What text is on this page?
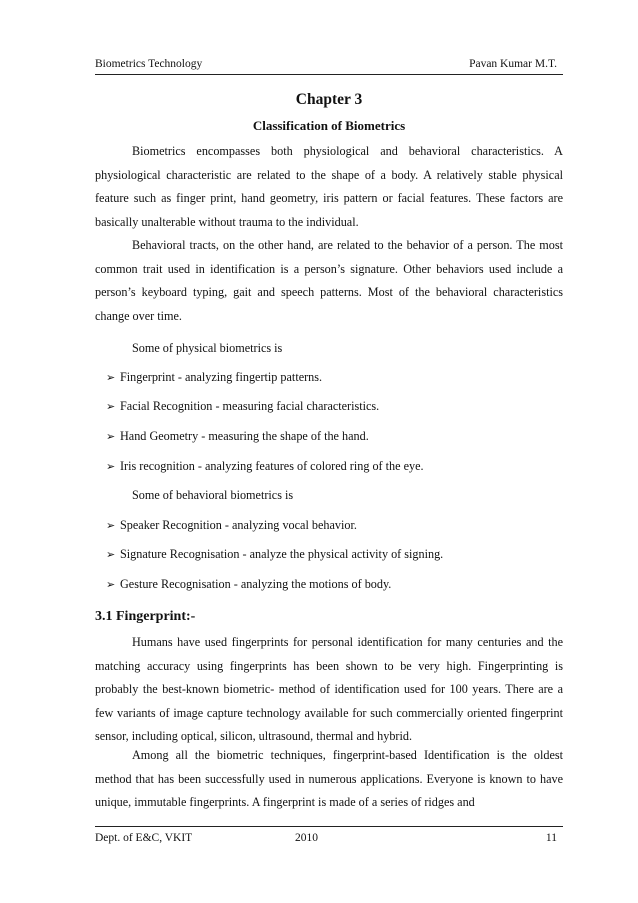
Biometrics Technology	Pavan Kumar M.T.
Chapter 3
Classification of Biometrics

Biometrics encompasses both physiological and behavioral characteristics. A physiological characteristic are related to the shape of a body. A relatively stable physical feature such as finger print, hand geometry, iris pattern or facial features. These factors are basically unalterable without trauma to the individual.

Behavioral tracts, on the other hand, are related to the behavior of a person. The most common trait used in identification is a person’s signature. Other behaviors used include a person’s keyboard typing, gait and speech patterns. Most of the behavioral characteristics change over time.

Some of physical biometrics is
➢ Fingerprint - analyzing fingertip patterns.
➢ Facial Recognition - measuring facial characteristics.
➢ Hand Geometry - measuring the shape of the hand.
➢ Iris recognition - analyzing features of colored ring of the eye.
Some of behavioral biometrics is
➢ Speaker Recognition - analyzing vocal behavior.
➢ Signature Recognisation - analyze the physical activity of signing.
➢ Gesture Recognisation - analyzing the motions of body.
3.1 Fingerprint:-

Humans have used fingerprints for personal identification for many centuries and the matching accuracy using fingerprints has been shown to be very high. Fingerprinting is probably the best-known biometric- method of identification used for 100 years. There are a few variants of image capture technology available for such commercially oriented fingerprint sensor, including optical, silicon, ultrasound, thermal and hybrid.

Among all the biometric techniques, fingerprint-based Identification is the oldest method that has been successfully used in numerous applications. Everyone is known to have unique, immutable fingerprints. A fingerprint is made of a series of ridges and

Dept. of E&C, VKIT	2010	11
